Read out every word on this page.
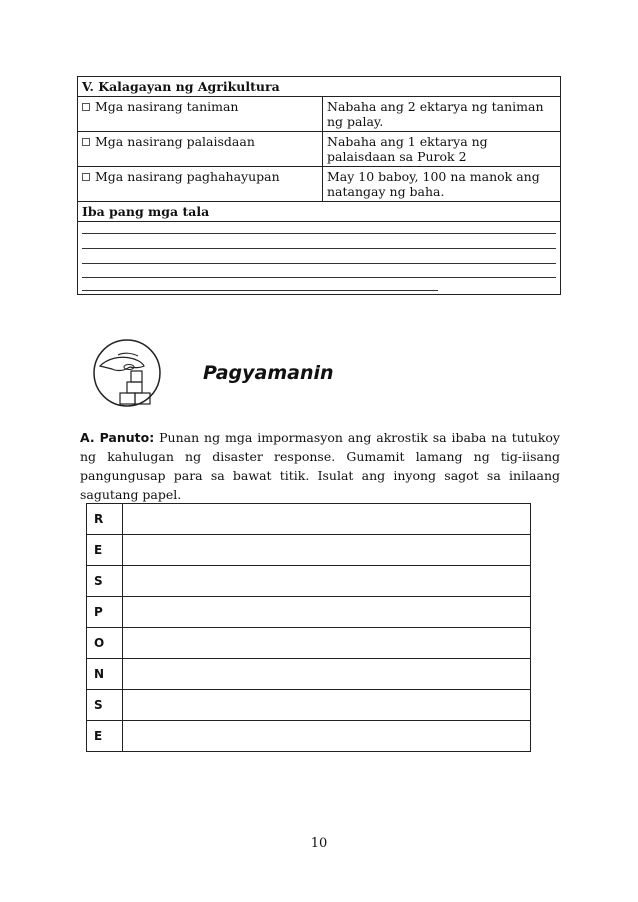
V. Kalagayan ng Agrikultura	
Mga nasirang taniman	Nabaha ang 2 ektarya ng taniman ng palay.
Mga nasirang palaisdaan	Nabaha ang 1 ektarya ng palaisdaan sa Purok 2
Mga nasirang paghahayupan	May 10 baboy, 100 na manok ang natangay ng baha.
Iba pang mga tala	

Pagyamanin
A. Panuto: Punan ng mga impormasyon ang akrostik sa ibaba na tutukoy ng kahulugan ng disaster response. Gumamit lamang ng tig-iisang pangungusap para sa bawat titik. Isulat ang inyong sagot sa inilaang sagutang papel.
R	
E	
S	
P	
O	
N	
S	
E	
10
